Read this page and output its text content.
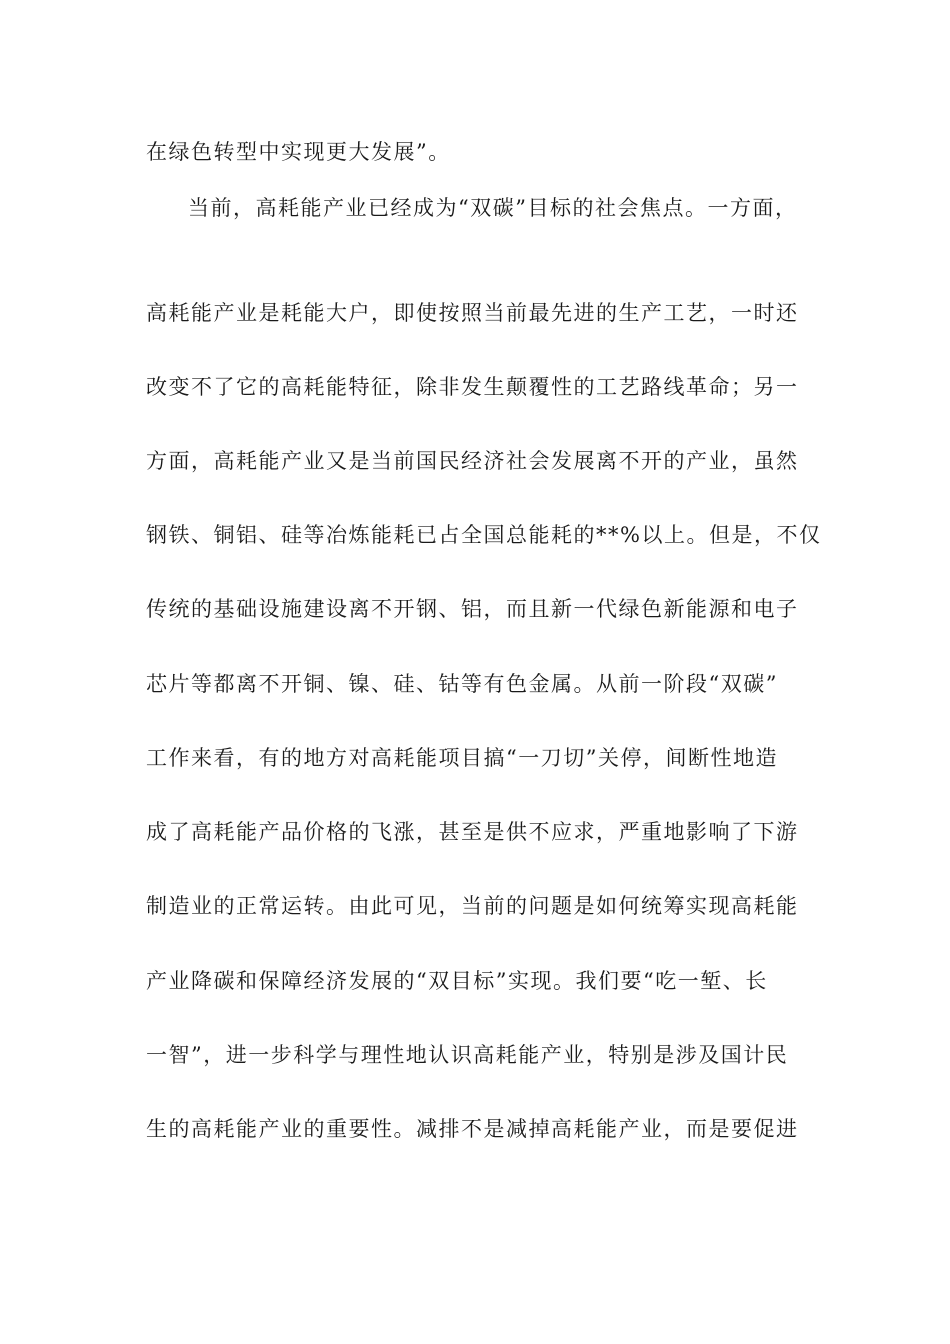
在绿色转型中实现更大发展”。
当前，高耗能产业已经成为“双碳”目标的社会焦点。一方面，
高耗能产业是耗能大户，即使按照当前最先进的生产工艺，一时还
改变不了它的高耗能特征，除非发生颠覆性的工艺路线革命；另一
方面，高耗能产业又是当前国民经济社会发展离不开的产业，虽然
钢铁、铜铝、硅等冶炼能耗已占全国总能耗的**%以上。但是，不仅
传统的基础设施建设离不开钢、铝，而且新一代绿色新能源和电子
芯片等都离不开铜、镍、硅、钴等有色金属。从前一阶段“双碳”
工作来看，有的地方对高耗能项目搞“一刀切”关停，间断性地造
成了高耗能产品价格的飞涨，甚至是供不应求，严重地影响了下游
制造业的正常运转。由此可见，当前的问题是如何统筹实现高耗能
产业降碳和保障经济发展的“双目标”实现。我们要“吃一堑、长
一智”，进一步科学与理性地认识高耗能产业，特别是涉及国计民
生的高耗能产业的重要性。减排不是减掉高耗能产业，而是要促进
